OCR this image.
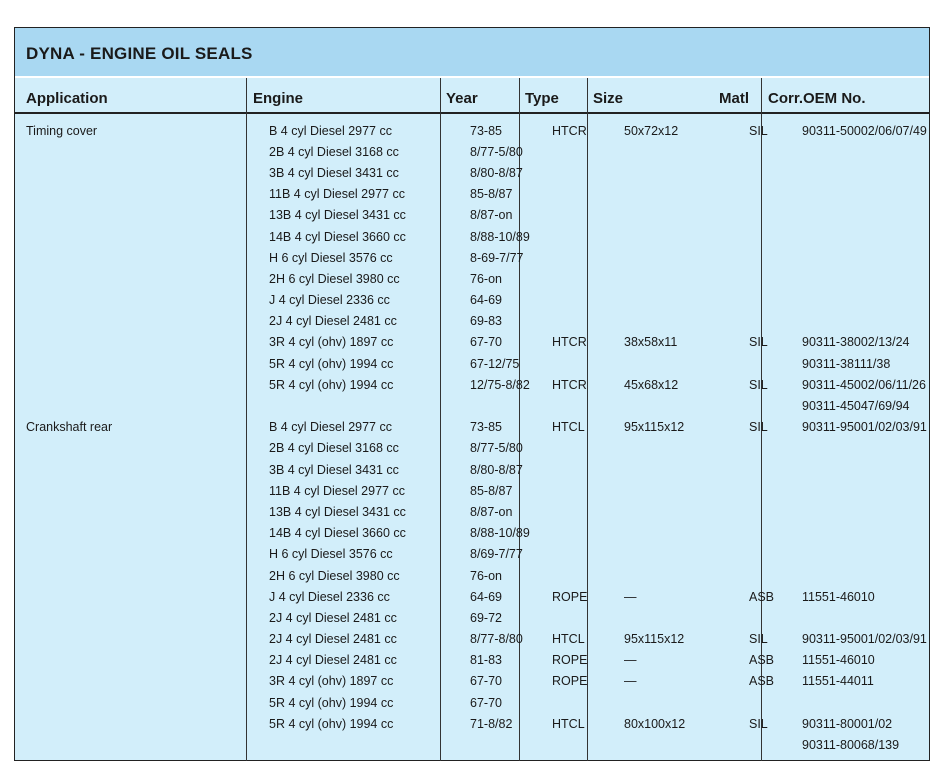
DYNA - ENGINE OIL SEALS
Application	Engine	Year	Type Size	Matl Corr.OEM No.
Timing cover	B 4 cyl Diesel 2977 cc	73-85	HTCR	50x72x12	SIL	90311-50002/06/07/49
	2B 4 cyl Diesel 3168 cc	8/77-5/80				
	3B 4 cyl Diesel 3431 cc	8/80-8/87				
	11B 4 cyl Diesel 2977 cc	85-8/87				
	13B 4 cyl Diesel 3431 cc	8/87-on				
	14B 4 cyl Diesel 3660 cc	8/88-10/89				
	H 6 cyl Diesel 3576 cc	8-69-7/77				
	2H 6 cyl Diesel 3980 cc	76-on				
	J 4 cyl Diesel 2336 cc	64-69				
	2J 4 cyl Diesel 2481 cc	69-83				
	3R 4 cyl (ohv) 1897 cc	67-70	HTCR	38x58x11	SIL	90311-38002/13/24
	5R 4 cyl (ohv) 1994 cc	67-12/75				90311-38111/38
	5R 4 cyl (ohv) 1994 cc	12/75-8/82	HTCR	45x68x12	SIL	90311-45002/06/11/26
						90311-45047/69/94
Crankshaft rear	B 4 cyl Diesel 2977 cc	73-85	HTCL	95x115x12	SIL	90311-95001/02/03/91
	2B 4 cyl Diesel 3168 cc	8/77-5/80				
	3B 4 cyl Diesel 3431 cc	8/80-8/87				
	11B 4 cyl Diesel 2977 cc	85-8/87				
	13B 4 cyl Diesel 3431 cc	8/87-on				
	14B 4 cyl Diesel 3660 cc	8/88-10/89				
	H 6 cyl Diesel 3576 cc	8/69-7/77				
	2H 6 cyl Diesel 3980 cc	76-on				
	J 4 cyl Diesel 2336 cc	64-69	ROPE	—	ASB	11551-46010
	2J 4 cyl Diesel 2481 cc	69-72				
	2J 4 cyl Diesel 2481 cc	8/77-8/80	HTCL	95x115x12	SIL	90311-95001/02/03/91
	2J 4 cyl Diesel 2481 cc	81-83	ROPE	—	ASB	11551-46010
	3R 4 cyl (ohv) 1897 cc	67-70	ROPE	—	ASB	11551-44011
	5R 4 cyl (ohv) 1994 cc	67-70				
	5R 4 cyl (ohv) 1994 cc	71-8/82	HTCL	80x100x12	SIL	90311-80001/02
						90311-80068/139
